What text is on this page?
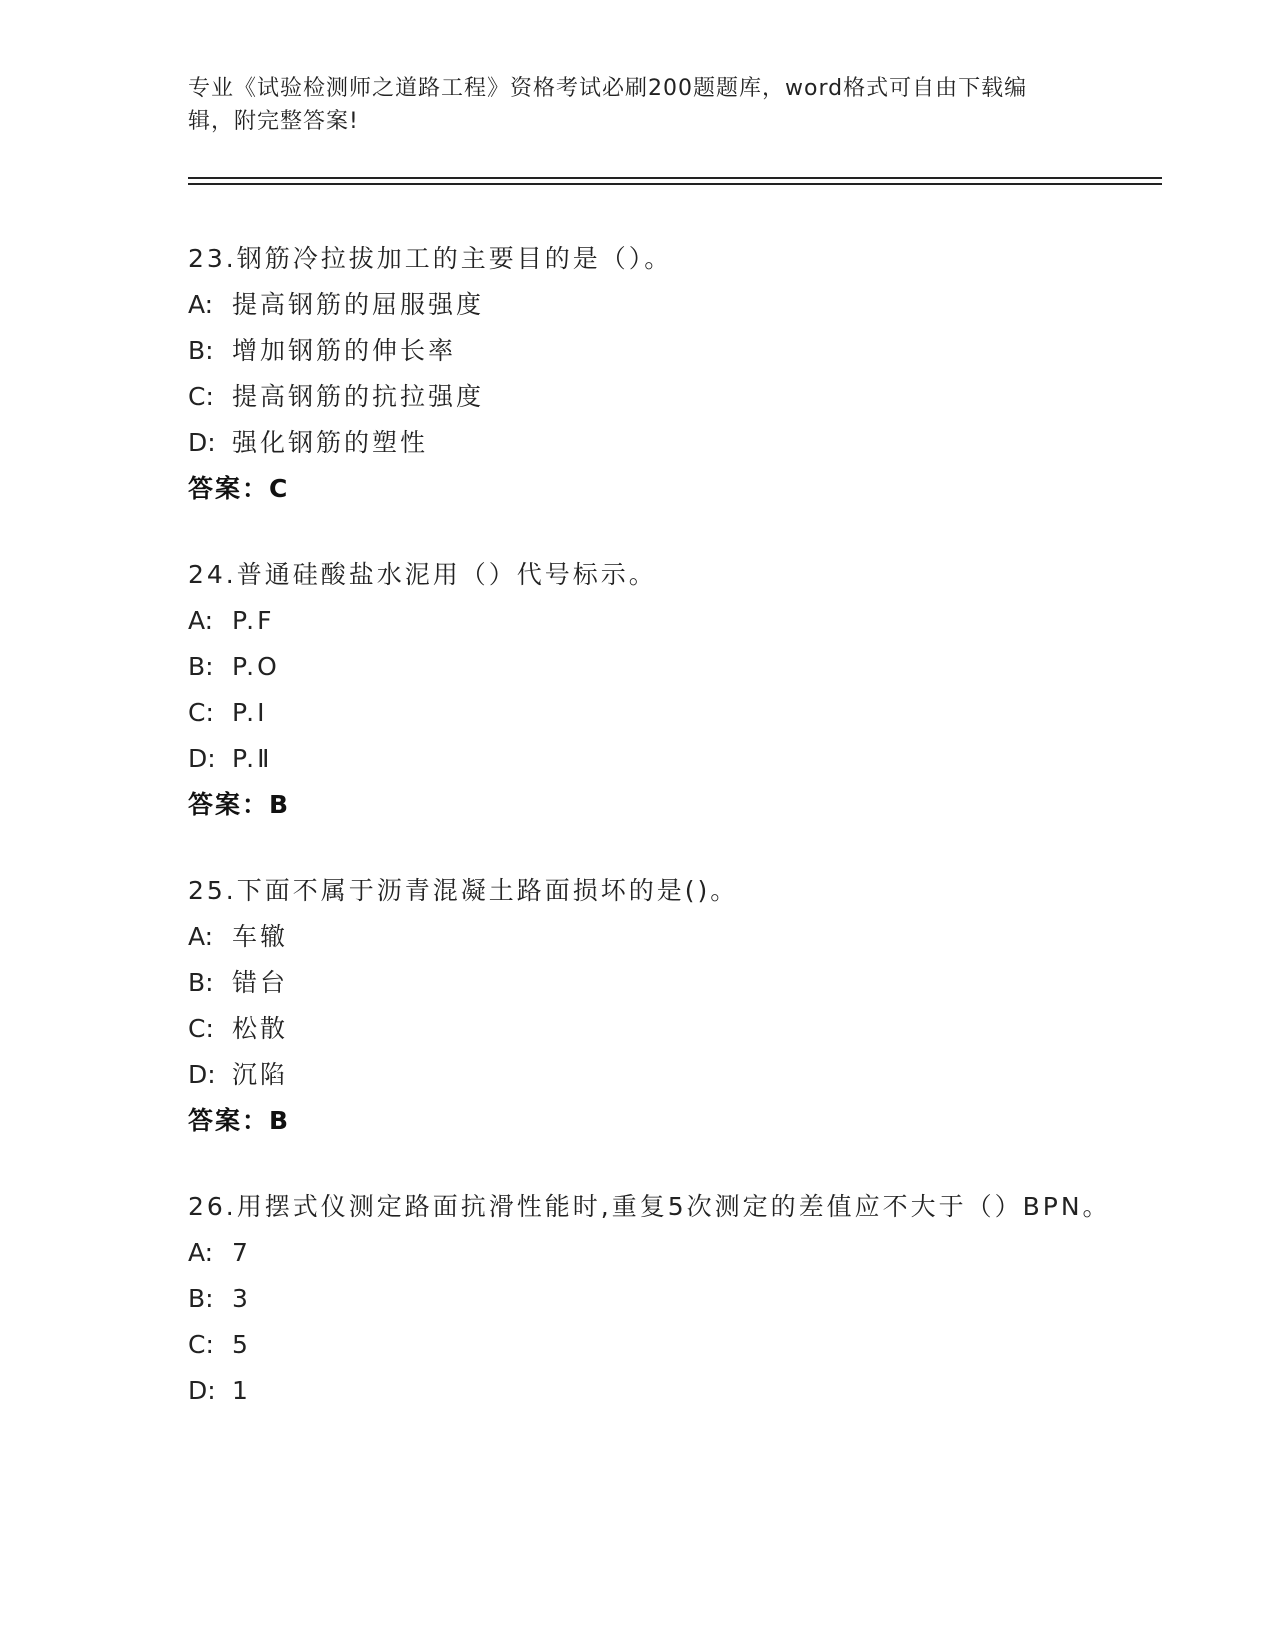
专业《试验检测师之道路工程》资格考试必刷200题题库，word格式可自由下载编辑，附完整答案!
23.钢筋冷拉拔加工的主要目的是（）。
A: 提高钢筋的屈服强度
B: 增加钢筋的伸长率
C: 提高钢筋的抗拉强度
D: 强化钢筋的塑性
答案：C
24.普通硅酸盐水泥用（）代号标示。
A: P.F
B: P.O
C: P.I
D: P.Ⅱ
答案：B
25.下面不属于沥青混凝土路面损坏的是()。
A: 车辙
B: 错台
C: 松散
D: 沉陷
答案：B
26.用摆式仪测定路面抗滑性能时,重复5次测定的差值应不大于（）BPN。
A: 7
B: 3
C: 5
D: 1
